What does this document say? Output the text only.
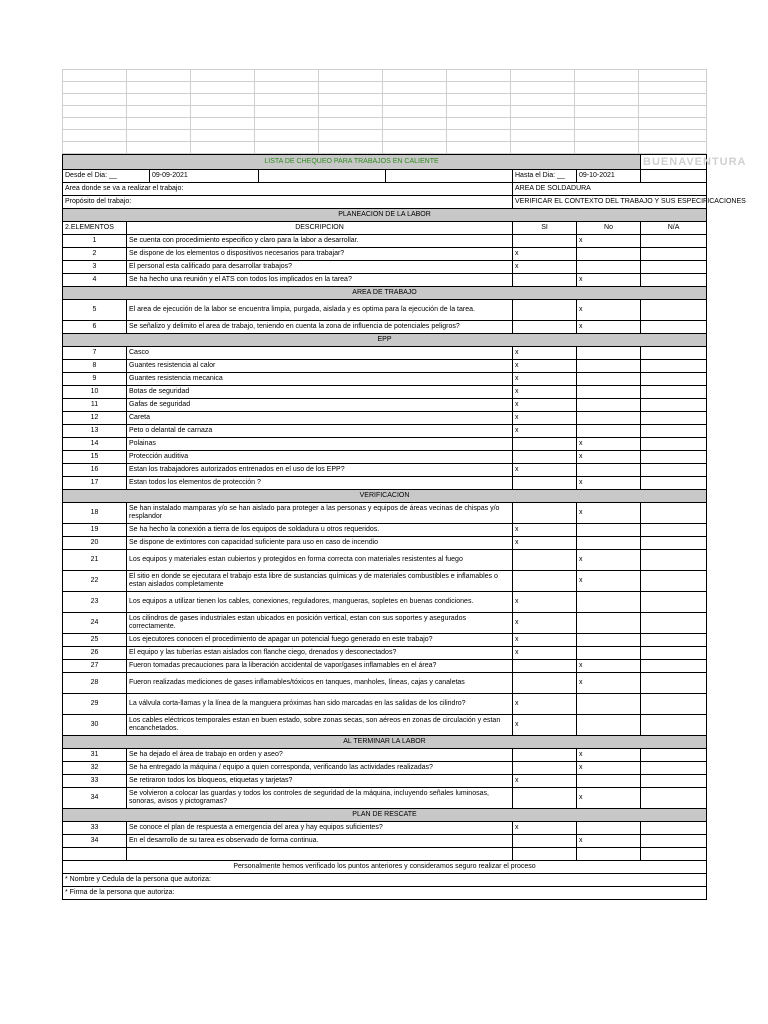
LISTA DE CHEQUEO PARA TRABAJOS EN CALIENTE	BUENAVENTURA

Desde el Dia: __	09-09-2021		
		Hasta el Dia: __	09-10-2021	
Area donde se va a realizar el trabajo:	AREA DE SOLDADURA
Propósito del trabajo:	VERIFICAR EL CONTEXTO DEL TRABAJO Y SUS ESPECIFICACIONES
PLANEACION DE LA LABOR
2.ELEMENTOS	DESCRIPCION	SI	No	N/A
1	Se cuenta con procedimiento especifico y claro para la labor a desarrollar.		x	
2	Se dispone de los elementos o dispositivos necesarios para trabajar?	x		
3	El personal esta calificado para desarrollar trabajos?	x		
4	Se ha hecho una reunión y el ATS con todos los implicados en la tarea?		x	
AREA DE TRABAJO
5	El area de ejecución de la labor se encuentra limpia, purgada, aislada y es optima para la ejecución de la tarea.		x	
6	Se señalizo y delimito el area de trabajo, teniendo en cuenta la zona de influencia de potenciales peligros?		x	
EPP
7	Casco	x		
8	Guantes resistencia al calor	x		
9	Guantes resistencia mecanica	x		
10	Botas de seguridad	x		
11	Gafas de seguridad	x		
12	Careta	x		
13	Peto o delantal de carnaza	x		
14	Polainas		x	
15	Protección auditiva		x	
16	Estan los trabajadores autorizados entrenados en el uso de los EPP?	x		
17	Estan todos los elementos de protección ?		x	
VERIFICACION
18	Se han instalado mamparas y/o se han aislado para proteger a las personas y equipos de áreas vecinas de chispas y/o resplandor		x	
19	Se ha hecho la conexión a tierra de los equipos de soldadura u otros requeridos.	x		
20	Se dispone de extintores con capacidad suficiente para uso en caso de incendio	x		
21	Los equipos y materiales estan cubiertos y protegidos en forma correcta con materiales resistentes al fuego		x	
22	El sitio en donde se ejecutara el trabajo esta libre de sustancias químicas y de materiales combustibles e inflamables o estan aislados completamente		x	
23	Los equipos a utilizar tienen los cables, conexiones, reguladores, mangueras, sopletes en buenas condiciones.	x		
24	Los cilindros de gases industriales estan ubicados en posición vertical, estan con sus soportes y asegurados correctamente.	x		
25	Los ejecutores conocen el procedimiento de apagar un potencial fuego generado en este trabajo?	x		
26	El equipo y las tuberías estan aislados con flanche ciego, drenados y desconectados?	x		
27	Fueron tomadas precauciones para la liberación accidental de vapor/gases inflamables en el área?		x	
28	Fueron realizadas mediciones de gases inflamables/tóxicos en tanques, manholes, líneas, cajas y canaletas		x	
29	La válvula corta-llamas y la línea de la manguera próximas han sido marcadas en las salidas de los cilindro?	x		
30	Los cables eléctricos temporales estan en buen estado, sobre zonas secas, son aéreos en zonas de circulación y estan encanchetados.	x		
AL TERMINAR LA LABOR
31	Se ha dejado el área de trabajo en orden y aseo?		x	
32	Se ha entregado la máquina / equipo a quien corresponda, verificando las actividades realizadas?		x	
33	Se retiraron todos los bloqueos, etiquetas y tarjetas?	x		
34	Se volvieron a colocar las guardas y todos los controles de seguridad de la máquina, incluyendo señales luminosas, sonoras, avisos y pictogramas?		x	
PLAN DE RESCATE
33	Se conoce el plan de respuesta a emergencia del area y hay equipos suficientes?	x		
34	En el desarrollo de su tarea es observado de forma continua.		x	

Personalmente hemos verificado los puntos anteriores y consideramos seguro realizar el proceso
* Nombre y Cedula de la persona que autoriza:
* Firma de la persona que autoriza:
